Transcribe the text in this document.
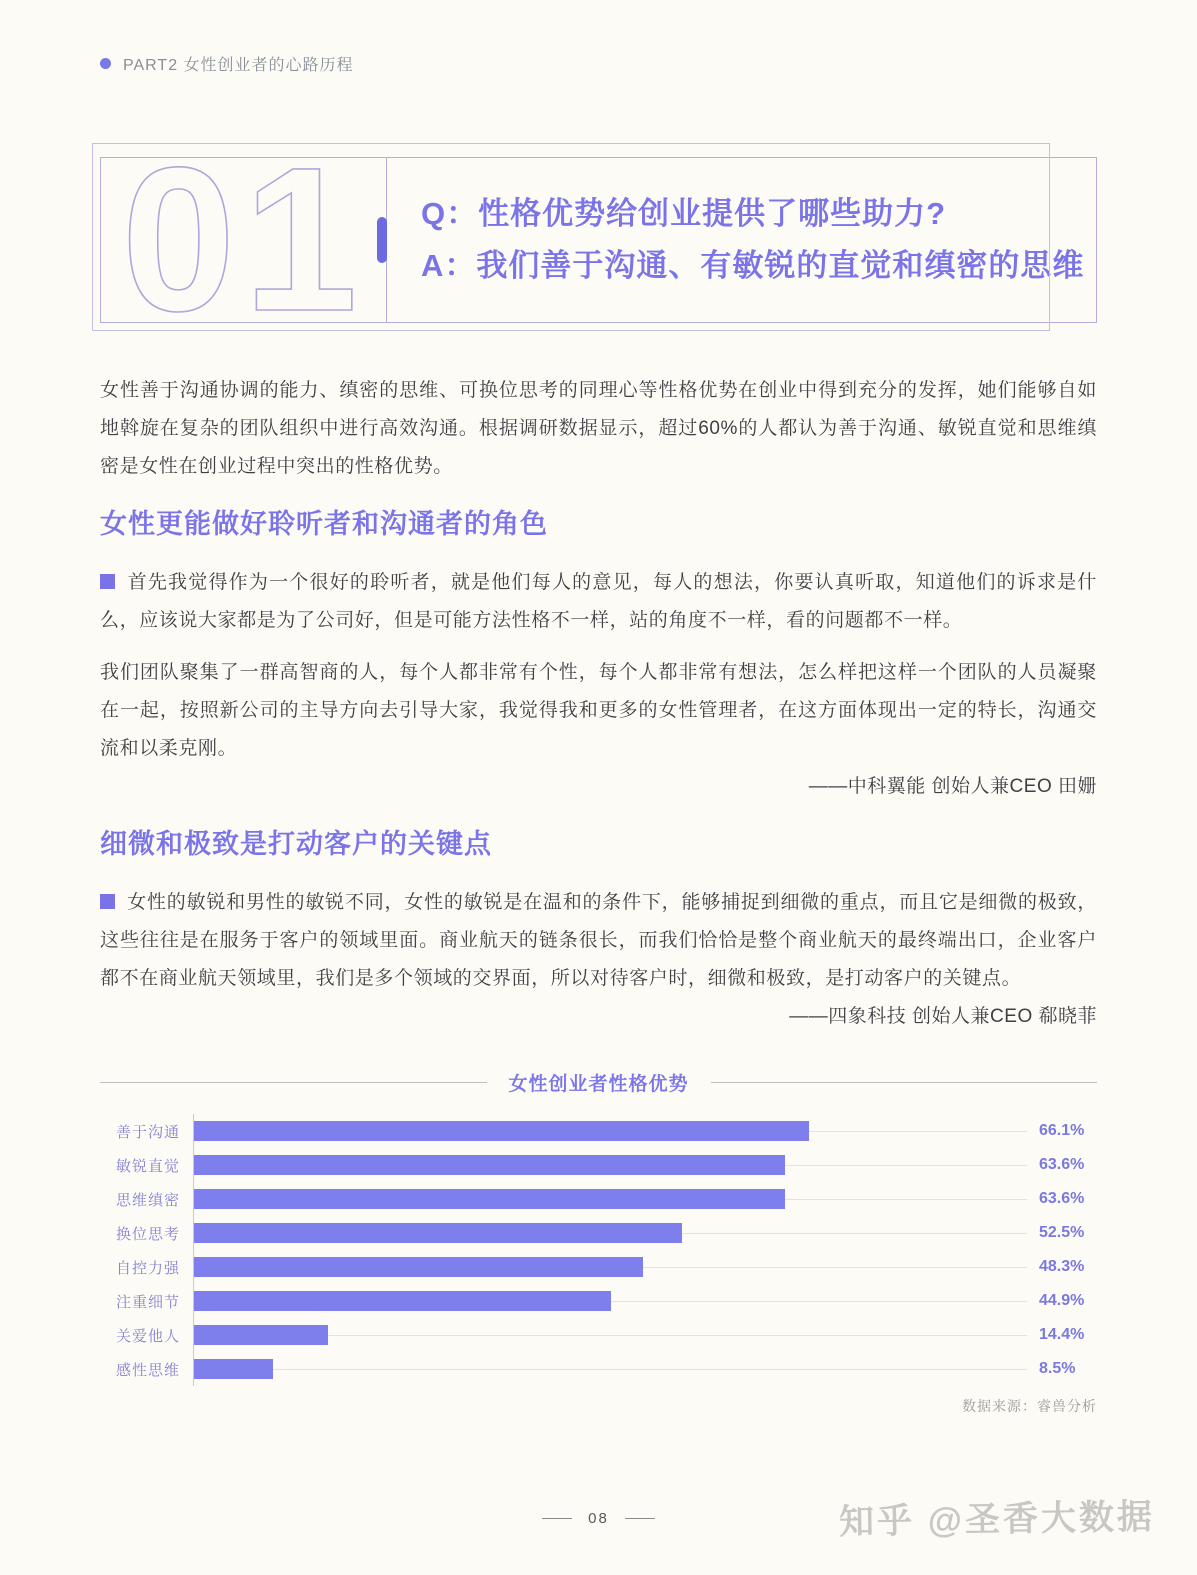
PART2 女性创业者的心路历程
01 Q：性格优势给创业提供了哪些助力?
A：我们善于沟通、有敏锐的直觉和缜密的思维

女性善于沟通协调的能力、缜密的思维、可换位思考的同理心等性格优势在创业中得到充分的发挥，她们能够自如地斡旋在复杂的团队组织中进行高效沟通。根据调研数据显示，超过60%的人都认为善于沟通、敏锐直觉和思维缜密是女性在创业过程中突出的性格优势。

女性更能做好聆听者和沟通者的角色

首先我觉得作为一个很好的聆听者，就是他们每人的意见，每人的想法，你要认真听取，知道他们的诉求是什么，应该说大家都是为了公司好，但是可能方法性格不一样，站的角度不一样，看的问题都不一样。

我们团队聚集了一群高智商的人，每个人都非常有个性，每个人都非常有想法，怎么样把这样一个团队的人员凝聚在一起，按照新公司的主导方向去引导大家，我觉得我和更多的女性管理者，在这方面体现出一定的特长，沟通交流和以柔克刚。

——中科翼能 创始人兼CEO 田姗
细微和极致是打动客户的关键点

女性的敏锐和男性的敏锐不同，女性的敏锐是在温和的条件下，能够捕捉到细微的重点，而且它是细微的极致，这些往往是在服务于客户的领域里面。商业航天的链条很长，而我们恰恰是整个商业航天的最终端出口，企业客户都不在商业航天领域里，我们是多个领域的交界面，所以对待客户时，细微和极致，是打动客户的关键点。

——四象科技 创始人兼CEO 郗晓菲
女性创业者性格优势
善于沟通	66.1%
敏锐直觉	63.6%
思维缜密	63.6%
换位思考	52.5%
自控力强	48.3%
注重细节	44.9%
关爱他人	14.4%
感性思维	8.5%
数据来源：睿兽分析
08	知乎 @圣香大数据
